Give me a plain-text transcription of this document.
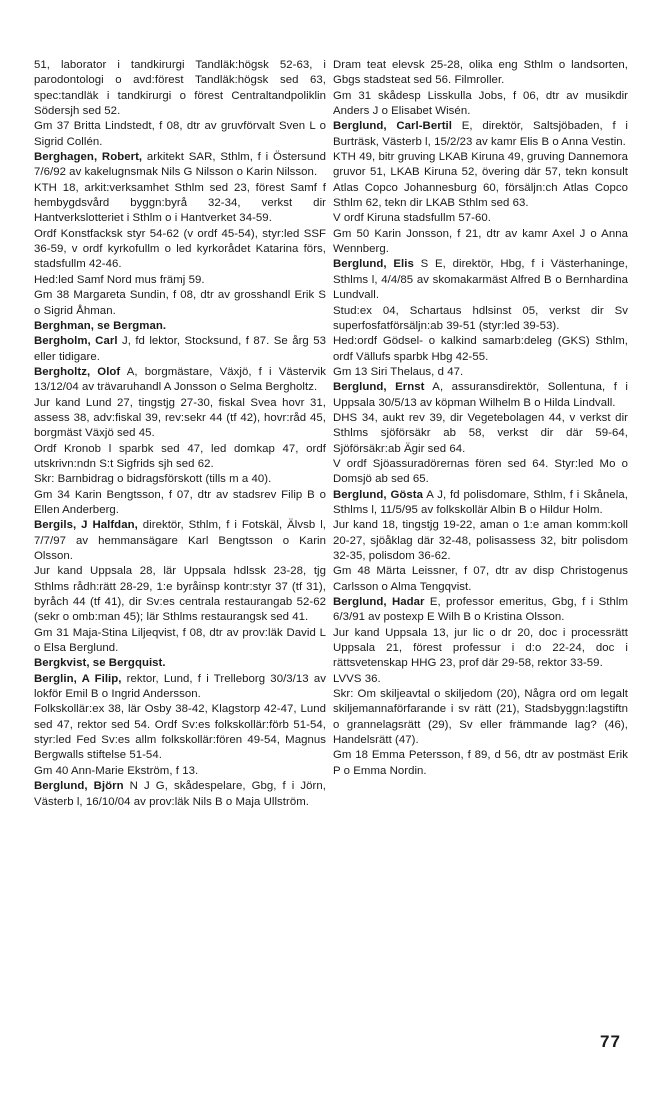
51, laborator i tandkirurgi Tandläk:högsk 52-63, i parodontologi o avd:förest Tandläk:högsk sed 63, spec:tandläk i tandkirurgi o förest Centraltandpoliklin Södersjh sed 52.

Gm 37 Britta Lindstedt, f 08, dtr av gruvförvalt Sven L o Sigrid Collén.

Berghagen, Robert, arkitekt SAR, Sthlm, f i Östersund 7/6/92 av kakelugnsmak Nils G Nilsson o Karin Nilsson.

KTH 18, arkit:verksamhet Sthlm sed 23, förest Samf f hembygdsvård byggn:byrå 32-34, verkst dir Hantverkslotteriet i Sthlm o i Hantverket 34-59.

Ordf Konstfacksk styr 54-62 (v ordf 45-54), styr:led SSF 36-59, v ordf kyrkofullm o led kyrkorådet Katarina förs, stadsfullm 42-46.

Hed:led Samf Nord mus främj 59.

Gm 38 Margareta Sundin, f 08, dtr av grosshandl Erik S o Sigrid Åhman.

Berghman, se Bergman.

Bergholm, Carl J, fd lektor, Stocksund, f 87. Se årg 53 eller tidigare.

Bergholtz, Olof A, borgmästare, Växjö, f i Västervik 13/12/04 av trävaruhandl A Jonsson o Selma Bergholtz.

Jur kand Lund 27, tingstjg 27-30, fiskal Svea hovr 31, assess 38, adv:fiskal 39, rev:sekr 44 (tf 42), hovr:råd 45, borgmäst Växjö sed 45.

Ordf Kronob l sparbk sed 47, led domkap 47, ordf utskrivn:ndn S:t Sigfrids sjh sed 62.

Skr: Barnbidrag o bidragsförskott (tills m a 40).

Gm 34 Karin Bengtsson, f 07, dtr av stadsrev Filip B o Ellen Anderberg.

Bergils, J Halfdan, direktör, Sthlm, f i Fotskäl, Älvsb l, 7/7/97 av hemmansägare Karl Bengtsson o Karin Olsson.

Jur kand Uppsala 28, lär Uppsala hdlssk 23-28, tjg Sthlms rådh:rätt 28-29, 1:e byråinsp kontr:styr 37 (tf 31), byråch 44 (tf 41), dir Sv:es centrala restaurangab 52-62 (sekr o omb:man 45); lär Sthlms restaurangsk sed 41.

Gm 31 Maja-Stina Liljeqvist, f 08, dtr av prov:läk David L o Elsa Berglund.

Bergkvist, se Bergquist.

Berglin, A Filip, rektor, Lund, f i Trelleborg 30/3/13 av lokför Emil B o Ingrid Andersson.

Folkskollär:ex 38, lär Osby 38-42, Klagstorp 42-47, Lund sed 47, rektor sed 54. Ordf Sv:es folkskollär:förb 51-54, styr:led Fed Sv:es allm folkskollär:fören 49-54, Magnus Bergwalls stiftelse 51-54.

Gm 40 Ann-Marie Ekström, f 13.

Berglund, Björn N J G, skådespelare, Gbg, f i Jörn, Västerb l, 16/10/04 av prov:läk Nils B o Maja Ullström.

Dram teat elevsk 25-28, olika eng Sthlm o landsorten, Gbgs stadsteat sed 56. Filmroller.

Gm 31 skådesp Lisskulla Jobs, f 06, dtr av musikdir Anders J o Elisabet Wisén.

Berglund, Carl-Bertil E, direktör, Saltsjöbaden, f i Burträsk, Västerb l, 15/2/23 av kamr Elis B o Anna Vestin.

KTH 49, bitr gruving LKAB Kiruna 49, gruving Dannemora gruvor 51, LKAB Kiruna 52, övering där 57, tekn konsult Atlas Copco Johannesburg 60, försäljn:ch Atlas Copco Sthlm 62, tekn dir LKAB Sthlm sed 63.

V ordf Kiruna stadsfullm 57-60.

Gm 50 Karin Jonsson, f 21, dtr av kamr Axel J o Anna Wennberg.

Berglund, Elis S E, direktör, Hbg, f i Västerhaninge, Sthlms l, 4/4/85 av skomakarmäst Alfred B o Bernhardina Lundvall.

Stud:ex 04, Schartaus hdlsinst 05, verkst dir Sv superfosfatförsäljn:ab 39-51 (styr:led 39-53).

Hed:ordf Gödsel- o kalkind samarb:deleg (GKS) Sthlm, ordf Vällufs sparbk Hbg 42-55.

Gm 13 Siri Thelaus, d 47.

Berglund, Ernst A, assuransdirektör, Sollentuna, f i Uppsala 30/5/13 av köpman Wilhelm B o Hilda Lindvall.

DHS 34, aukt rev 39, dir Vegetebolagen 44, v verkst dir Sthlms sjöförsäkr ab 58, verkst dir där 59-64, Sjöförsäkr:ab Ägir sed 64.

V ordf Sjöassuradörernas fören sed 64. Styr:led Mo o Domsjö ab sed 65.

Berglund, Gösta A J, fd polisdomare, Sthlm, f i Skånela, Sthlms l, 11/5/95 av folkskollär Albin B o Hildur Holm.

Jur kand 18, tingstjg 19-22, aman o 1:e aman komm:koll 20-27, sjöåklag där 32-48, polisassess 32, bitr polisdom 32-35, polisdom 36-62.

Gm 48 Märta Leissner, f 07, dtr av disp Christogenus Carlsson o Alma Tengqvist.

Berglund, Hadar E, professor emeritus, Gbg, f i Sthlm 6/3/91 av postexp E Wilh B o Kristina Olsson.

Jur kand Uppsala 13, jur lic o dr 20, doc i processrätt Uppsala 21, förest professur i d:o 22-24, doc i rättsvetenskap HHG 23, prof där 29-58, rektor 33-59.

LVVS 36.

Skr: Om skiljeavtal o skiljedom (20), Några ord om legalt skiljemannaförfarande i sv rätt (21), Stadsbyggn:lagstiftn o grannelagsrätt (29), Sv eller främmande lag? (46), Handelsrätt (47).

Gm 18 Emma Petersson, f 89, d 56, dtr av postmäst Erik P o Emma Nordin.

77
